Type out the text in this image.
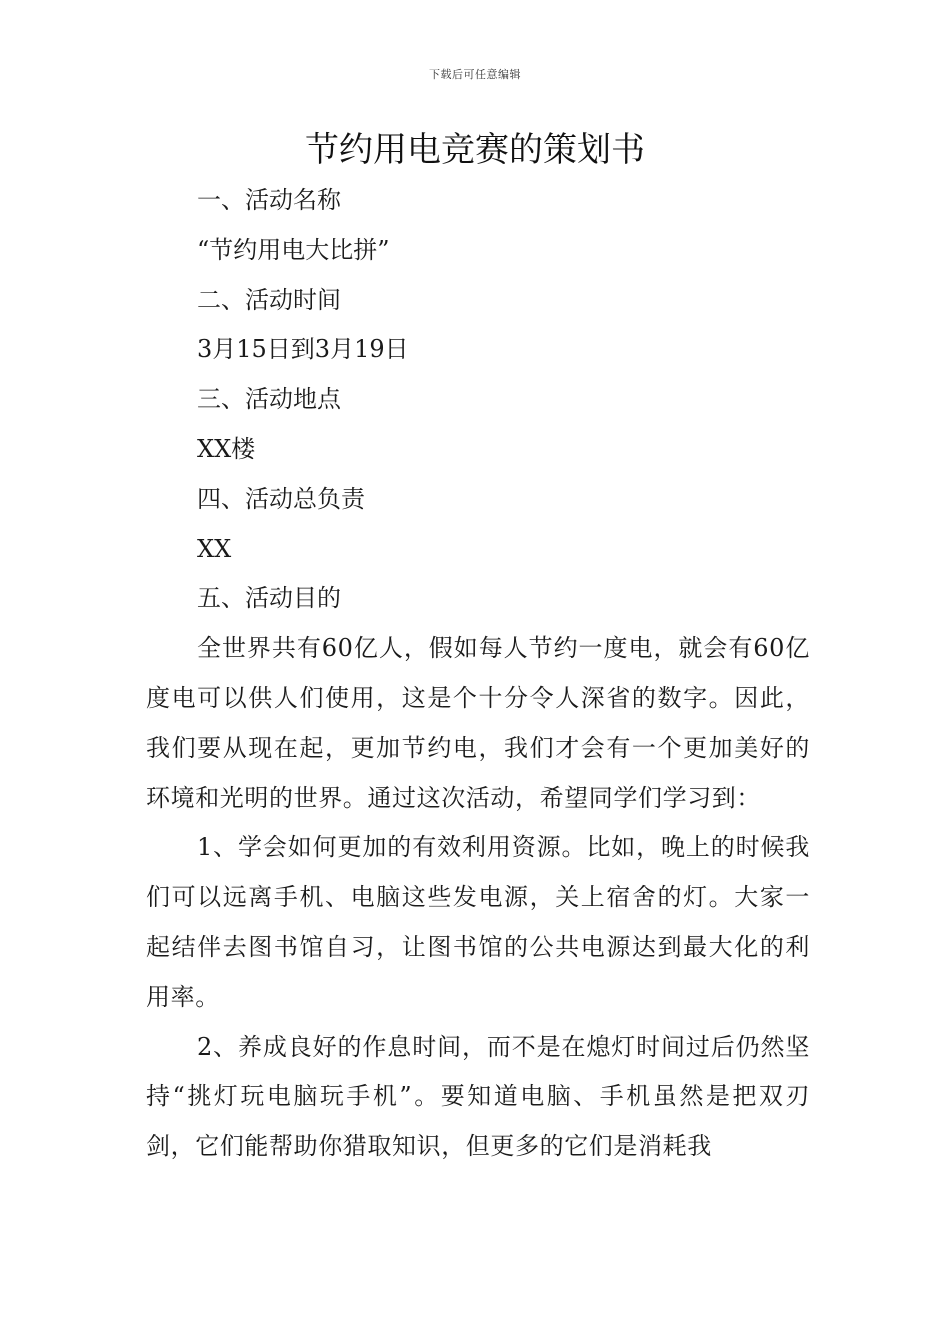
下载后可任意编辑
节约用电竞赛的策划书

一、活动名称

“节约用电大比拼”

二、活动时间

3月15日到3月19日

三、活动地点

XX楼

四、活动总负责

XX

五、活动目的

全世界共有60亿人，假如每人节约一度电，就会有60亿度电可以供人们使用，这是个十分令人深省的数字。因此，我们要从现在起，更加节约电，我们才会有一个更加美好的环境和光明的世界。通过这次活动，希望同学们学习到：

1、学会如何更加的有效利用资源。比如，晚上的时候我们可以远离手机、电脑这些发电源，关上宿舍的灯。大家一起结伴去图书馆自习，让图书馆的公共电源达到最大化的利用率。

2、养成良好的作息时间，而不是在熄灯时间过后仍然坚持“挑灯玩电脑玩手机”。要知道电脑、手机虽然是把双刃剑，它们能帮助你猎取知识，但更多的它们是消耗我
